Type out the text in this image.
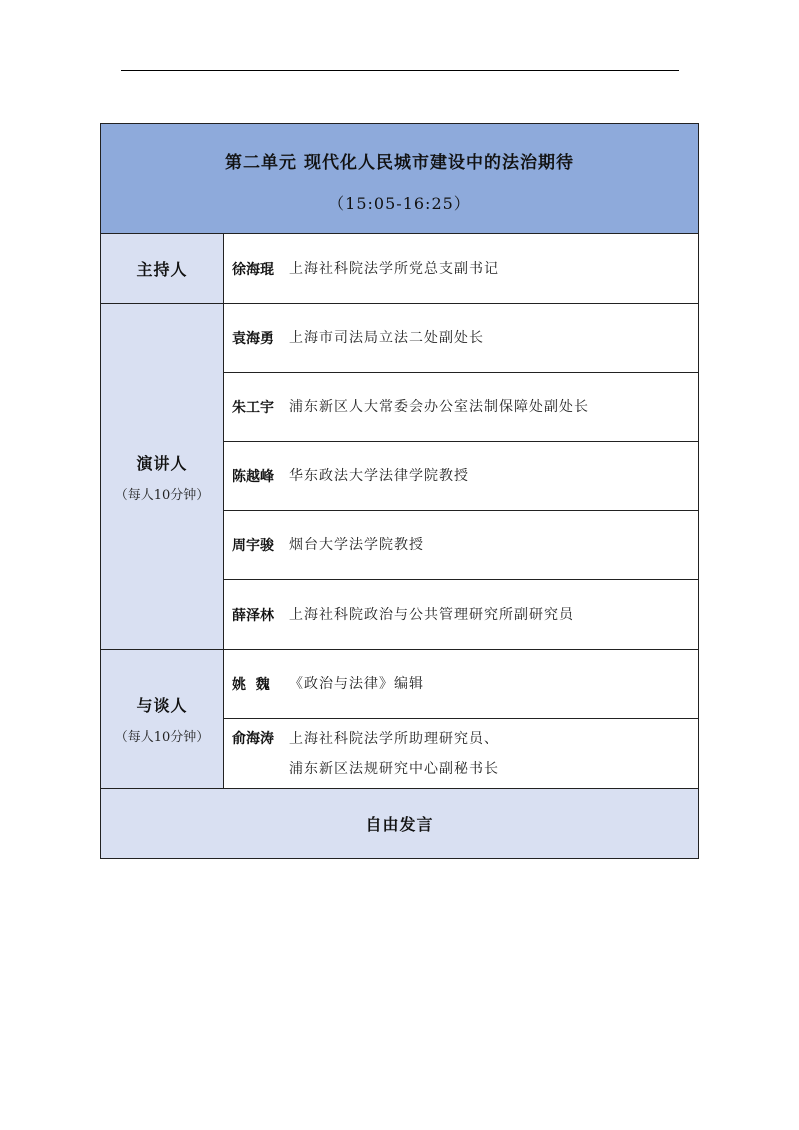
第二单元 现代化人民城市建设中的法治期待
（15:05-16:25）
主持人	徐海琨	上海社科院法学所党总支副书记
演讲人
（每人10分钟）
袁海勇	上海市司法局立法二处副处长
朱工宇	浦东新区人大常委会办公室法制保障处副处长
陈越峰	华东政法大学法律学院教授
周宇骏	烟台大学法学院教授
薛泽林	上海社科院政治与公共管理研究所副研究员
与谈人
（每人10分钟）
姚  魏	《政治与法律》编辑
俞海涛	上海社科院法学所助理研究员、
浦东新区法规研究中心副秘书长
自由发言
